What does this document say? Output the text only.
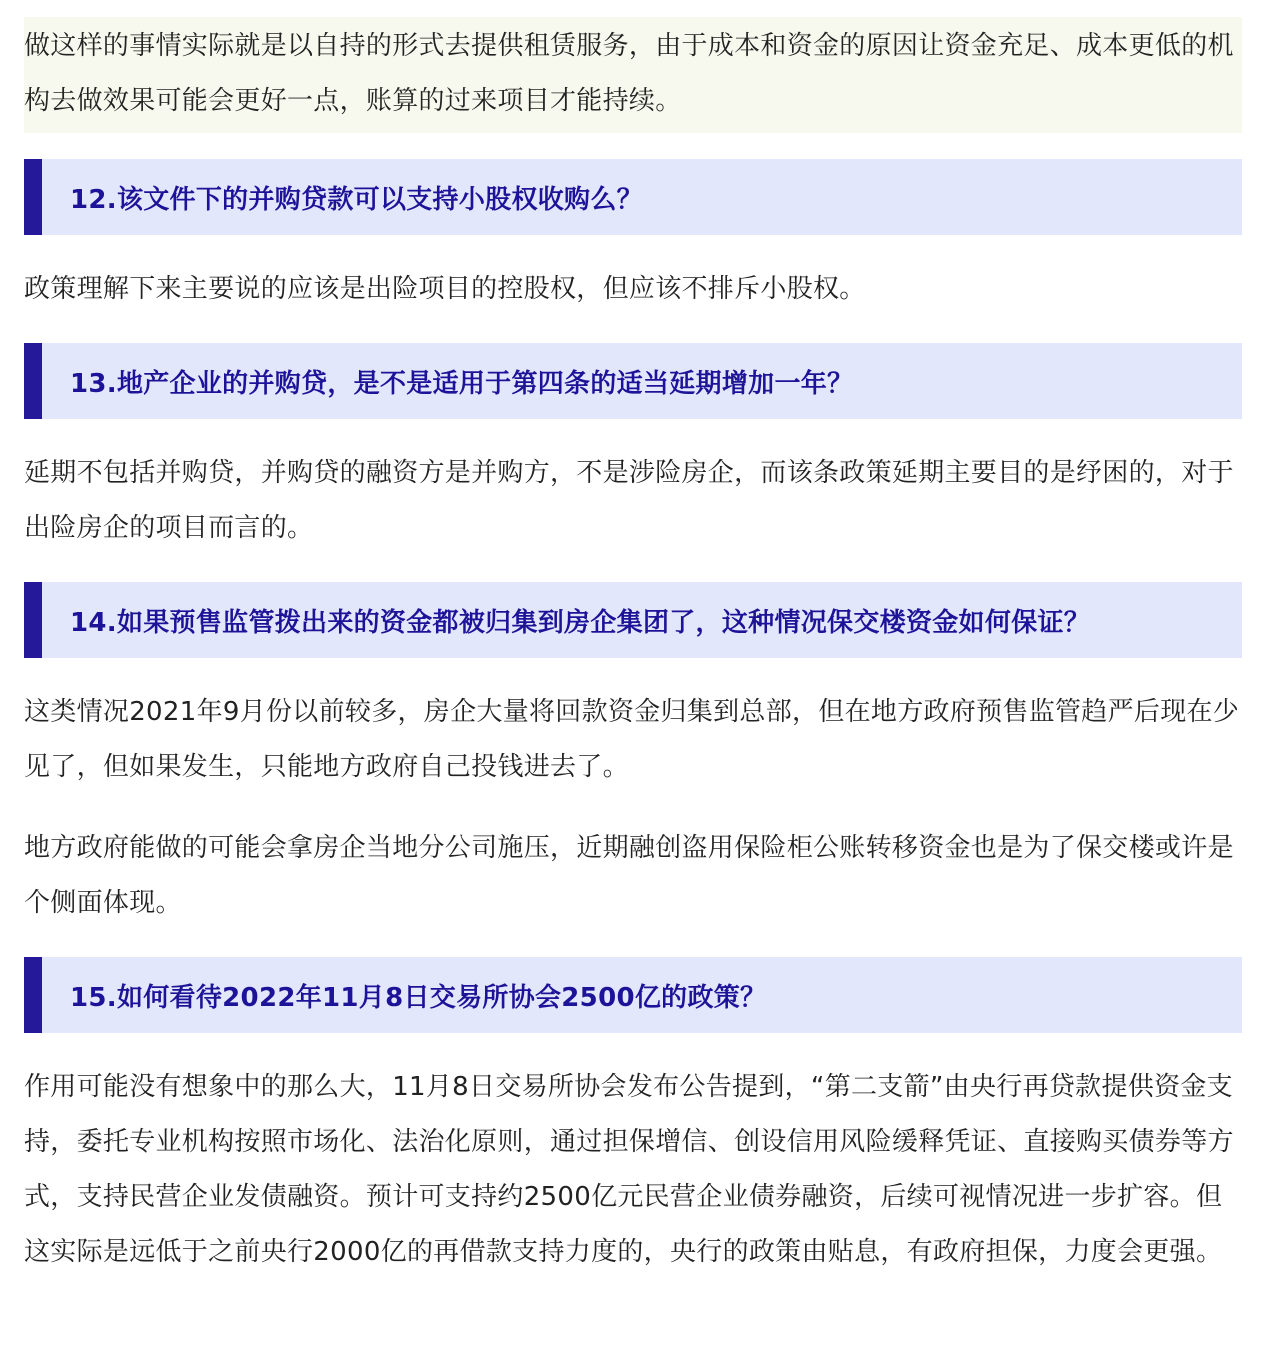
做这样的事情实际就是以自持的形式去提供租赁服务，由于成本和资金的原因让资金充足、成本更低的机构去做效果可能会更好一点，账算的过来项目才能持续。

12.该文件下的并购贷款可以支持小股权收购么？

政策理解下来主要说的应该是出险项目的控股权，但应该不排斥小股权。

13.地产企业的并购贷，是不是适用于第四条的适当延期增加一年？

延期不包括并购贷，并购贷的融资方是并购方，不是涉险房企，而该条政策延期主要目的是纾困的，对于出险房企的项目而言的。

14.如果预售监管拨出来的资金都被归集到房企集团了，这种情况保交楼资金如何保证？

这类情况2021年9月份以前较多，房企大量将回款资金归集到总部，但在地方政府预售监管趋严后现在少见了，但如果发生，只能地方政府自己投钱进去了。

地方政府能做的可能会拿房企当地分公司施压，近期融创盗用保险柜公账转移资金也是为了保交楼或许是个侧面体现。

15.如何看待2022年11月8日交易所协会2500亿的政策？

作用可能没有想象中的那么大，11月8日交易所协会发布公告提到，“第二支箭”由央行再贷款提供资金支持，委托专业机构按照市场化、法治化原则，通过担保增信、创设信用风险缓释凭证、直接购买债券等方式，支持民营企业发债融资。预计可支持约2500亿元民营企业债券融资，后续可视情况进一步扩容。但这实际是远低于之前央行2000亿的再借款支持力度的，央行的政策由贴息，有政府担保，力度会更强。
